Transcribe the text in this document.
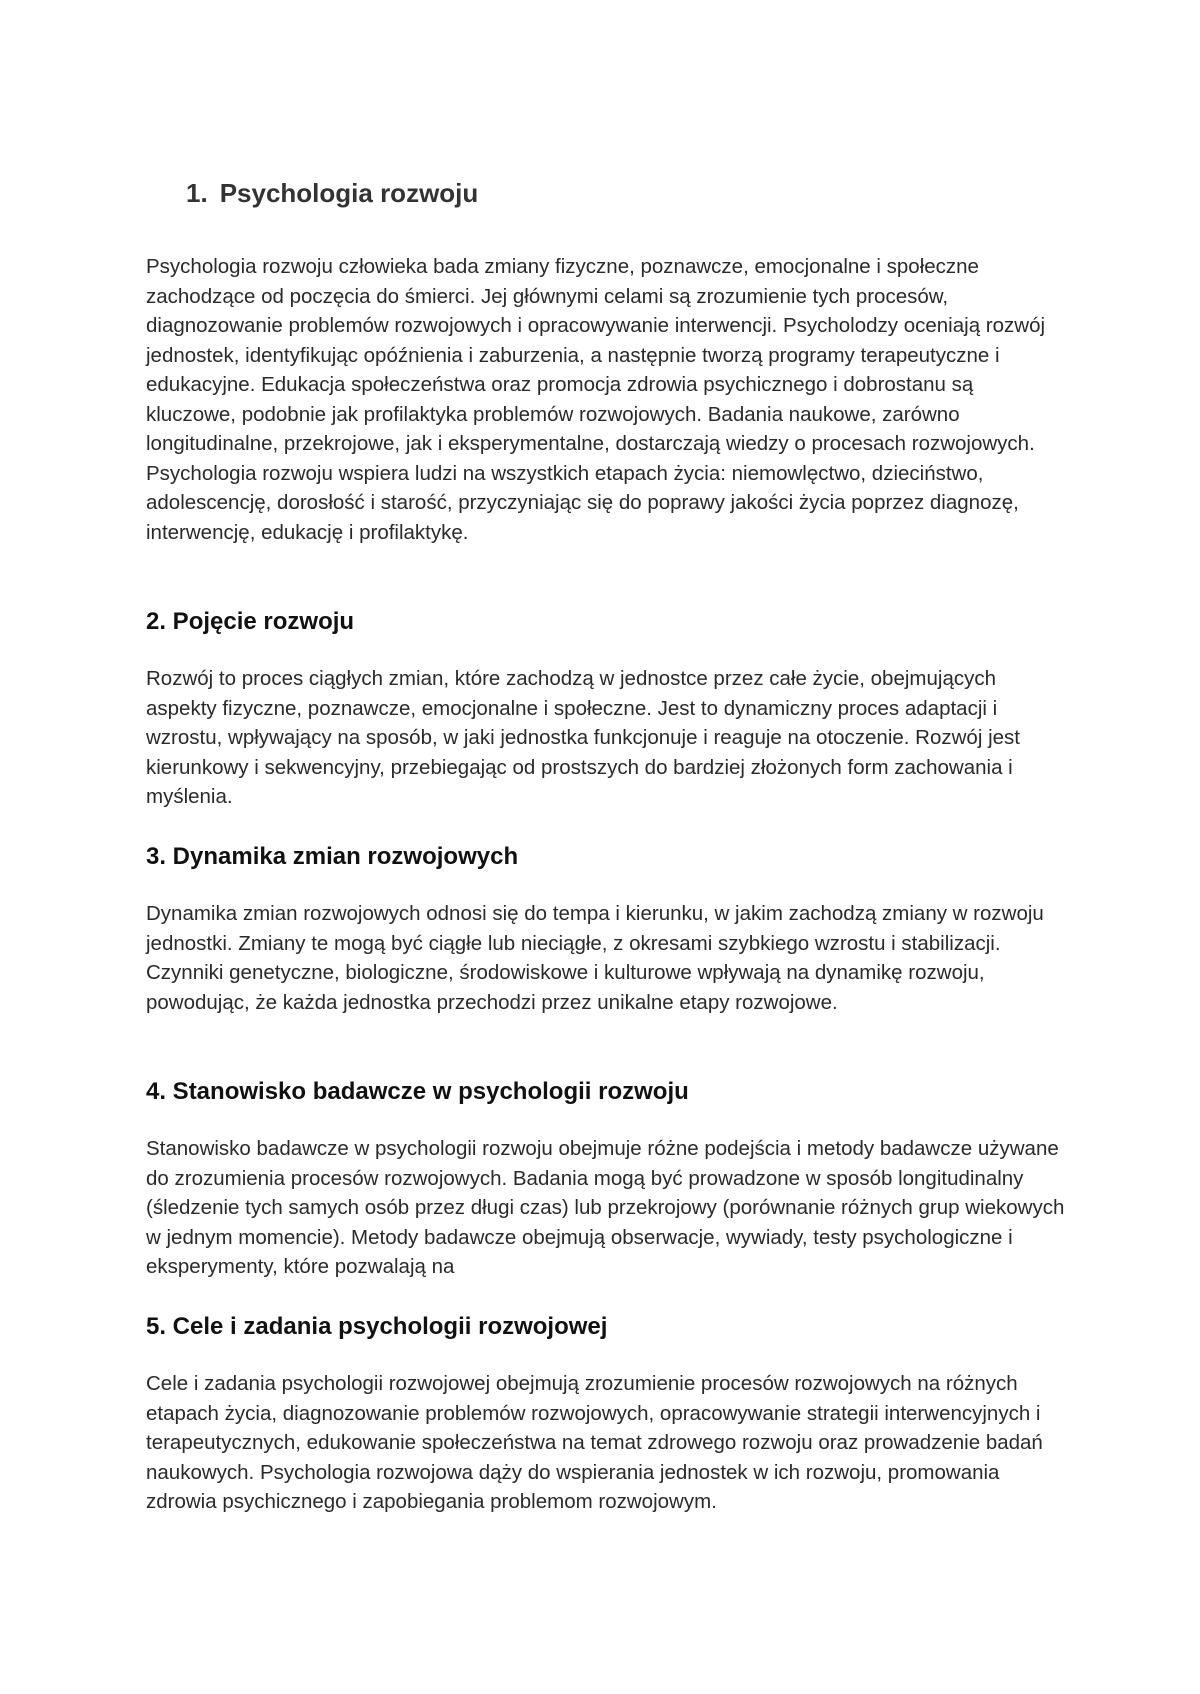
1. Psychologia rozwoju

Psychologia rozwoju człowieka bada zmiany fizyczne, poznawcze, emocjonalne i społeczne zachodzące od poczęcia do śmierci. Jej głównymi celami są zrozumienie tych procesów, diagnozowanie problemów rozwojowych i opracowywanie interwencji. Psycholodzy oceniają rozwój jednostek, identyfikując opóźnienia i zaburzenia, a następnie tworzą programy terapeutyczne i edukacyjne. Edukacja społeczeństwa oraz promocja zdrowia psychicznego i dobrostanu są kluczowe, podobnie jak profilaktyka problemów rozwojowych. Badania naukowe, zarówno longitudinalne, przekrojowe, jak i eksperymentalne, dostarczają wiedzy o procesach rozwojowych. Psychologia rozwoju wspiera ludzi na wszystkich etapach życia: niemowlęctwo, dzieciństwo, adolescencję, dorosłość i starość, przyczyniając się do poprawy jakości życia poprzez diagnozę, interwencję, edukację i profilaktykę.

2. Pojęcie rozwoju

Rozwój to proces ciągłych zmian, które zachodzą w jednostce przez całe życie, obejmujących aspekty fizyczne, poznawcze, emocjonalne i społeczne. Jest to dynamiczny proces adaptacji i wzrostu, wpływający na sposób, w jaki jednostka funkcjonuje i reaguje na otoczenie. Rozwój jest kierunkowy i sekwencyjny, przebiegając od prostszych do bardziej złożonych form zachowania i myślenia.

3. Dynamika zmian rozwojowych

Dynamika zmian rozwojowych odnosi się do tempa i kierunku, w jakim zachodzą zmiany w rozwoju jednostki. Zmiany te mogą być ciągłe lub nieciągłe, z okresami szybkiego wzrostu i stabilizacji. Czynniki genetyczne, biologiczne, środowiskowe i kulturowe wpływają na dynamikę rozwoju, powodując, że każda jednostka przechodzi przez unikalne etapy rozwojowe.

4. Stanowisko badawcze w psychologii rozwoju

Stanowisko badawcze w psychologii rozwoju obejmuje różne podejścia i metody badawcze używane do zrozumienia procesów rozwojowych. Badania mogą być prowadzone w sposób longitudinalny (śledzenie tych samych osób przez długi czas) lub przekrojowy (porównanie różnych grup wiekowych w jednym momencie). Metody badawcze obejmują obserwacje, wywiady, testy psychologiczne i eksperymenty, które pozwalają na

5. Cele i zadania psychologii rozwojowej

Cele i zadania psychologii rozwojowej obejmują zrozumienie procesów rozwojowych na różnych etapach życia, diagnozowanie problemów rozwojowych, opracowywanie strategii interwencyjnych i terapeutycznych, edukowanie społeczeństwa na temat zdrowego rozwoju oraz prowadzenie badań naukowych. Psychologia rozwojowa dąży do wspierania jednostek w ich rozwoju, promowania zdrowia psychicznego i zapobiegania problemom rozwojowym.
